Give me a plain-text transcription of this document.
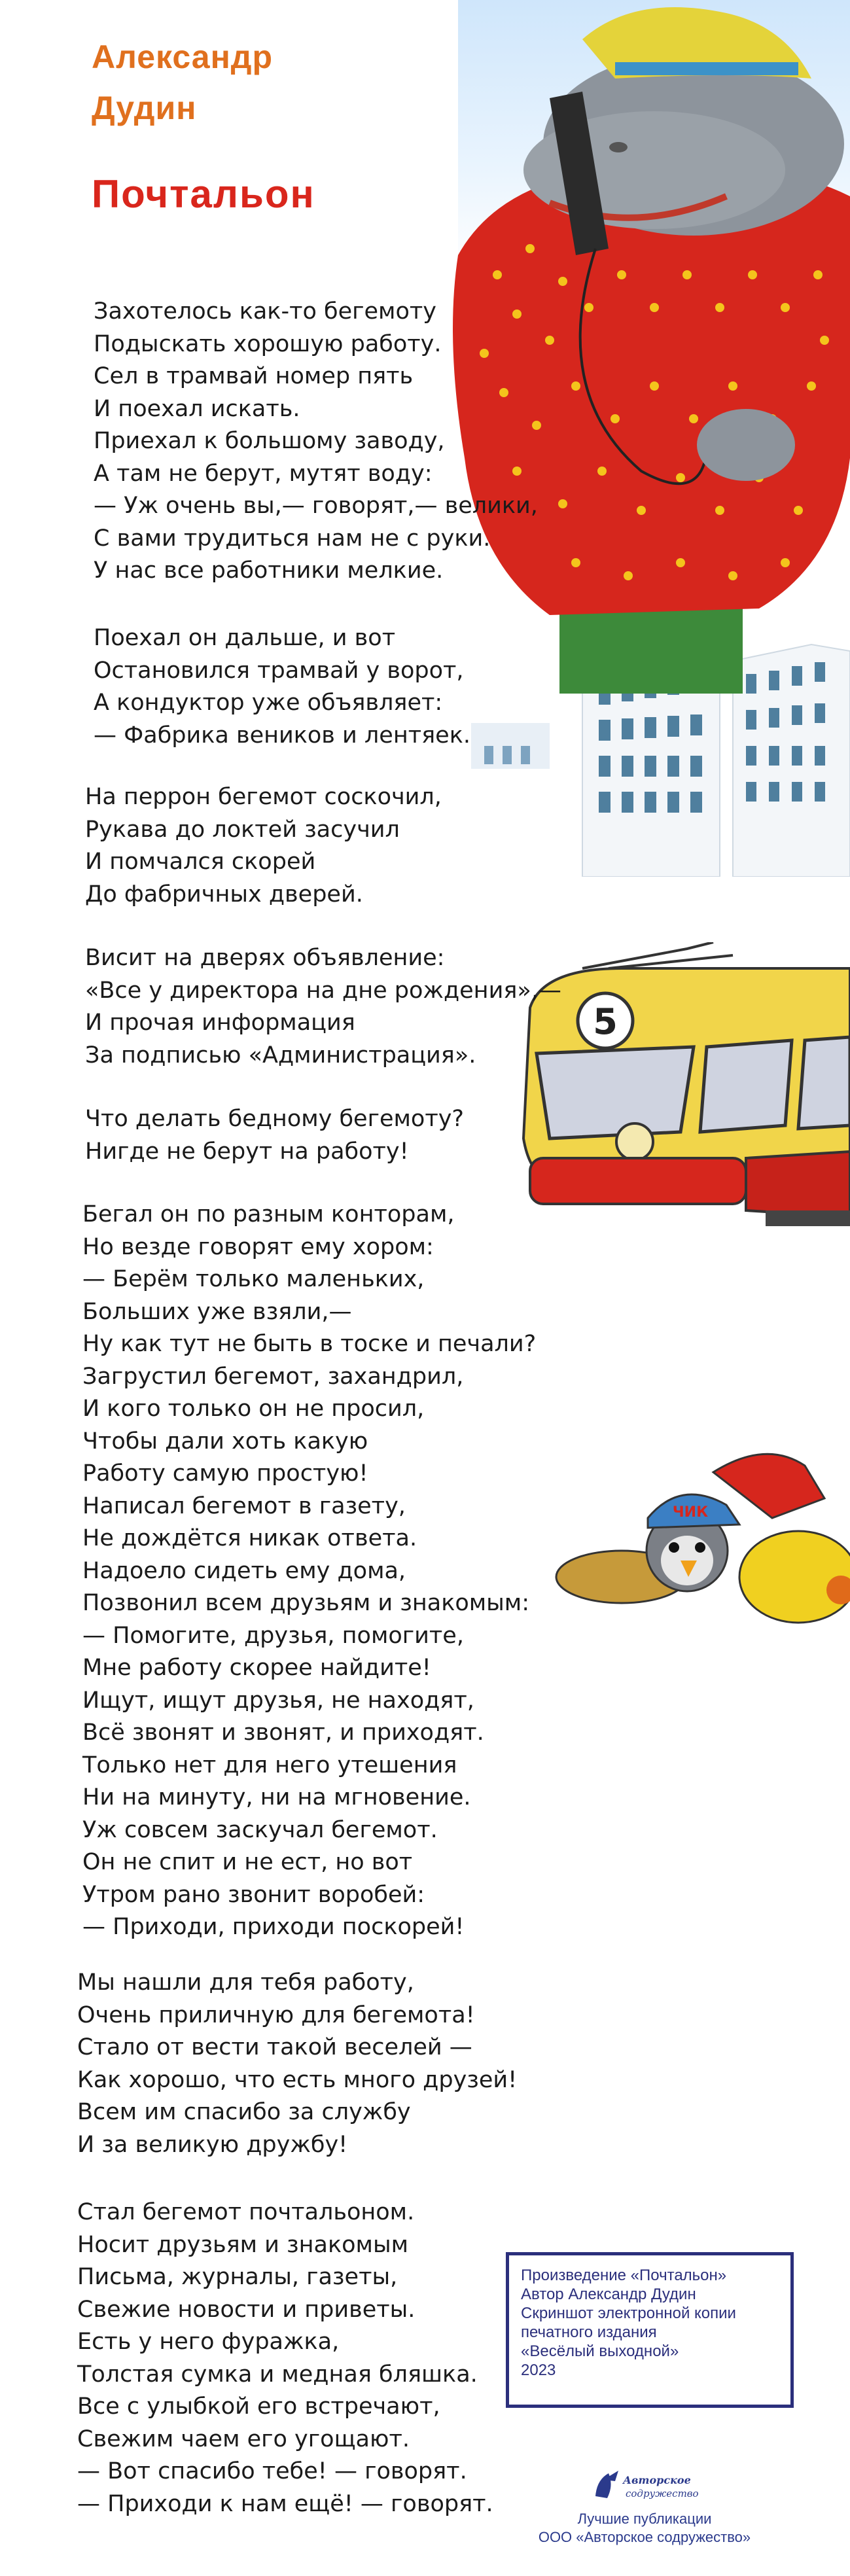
Александр
Дудин
Почтальон
5
ЧИК
Захотелось как-то бегемоту
Подыскать хорошую работу.
Сел в трамвай номер пять
И поехал искать.
Приехал к большому заводу,
А там не берут, мутят воду:
— Уж очень вы,— говорят,— велики,
С вами трудиться нам не с руки.
У нас все работники мелкие.
Поехал он дальше, и вот
Остановился трамвай у ворот,
А кондуктор уже объявляет:
— Фабрика веников и лентяек.
На перрон бегемот соскочил,
Рукава до локтей засучил
И помчался скорей
До фабричных дверей.
Висит на дверях объявление:
«Все у директора на дне рождения»,—
И прочая информация
За подписью «Администрация».
Что делать бедному бегемоту?
Нигде не берут на работу!
Бегал он по разным конторам,
Но везде говорят ему хором:
— Берём только маленьких,
Больших уже взяли,—
Ну как тут не быть в тоске и печали?
Загрустил бегемот, захандрил,
И кого только он не просил,
Чтобы дали хоть какую
Работу самую простую!
Написал бегемот в газету,
Не дождётся никак ответа.
Надоело сидеть ему дома,
Позвонил всем друзьям и знакомым:
— Помогите, друзья, помогите,
Мне работу скорее найдите!
Ищут, ищут друзья, не находят,
Всё звонят и звонят, и приходят.
Только нет для него утешения
Ни на минуту, ни на мгновение.
Уж совсем заскучал бегемот.
Он не спит и не ест, но вот
Утром рано звонит воробей:
— Приходи, приходи поскорей!
Мы нашли для тебя работу,
Очень приличную для бегемота!
Стало от вести такой веселей —
Как хорошо, что есть много друзей!
Всем им спасибо за службу
И за великую дружбу!
Стал бегемот почтальоном.
Носит друзьям и знакомым
Письма, журналы, газеты,
Свежие новости и приветы.
Есть у него фуражка,
Толстая сумка и медная бляшка.
Все с улыбкой его встречают,
Свежим чаем его угощают.
— Вот спасибо тебе! — говорят.
— Приходи к нам ещё! — говорят.
Произведение «Почтальон»
Автор Александр Дудин
Скриншот электронной копии
печатного издания
«Весёлый выходной»
2023
Авторское
содружество
Лучшие публикации
ООО «Авторское содружество»
